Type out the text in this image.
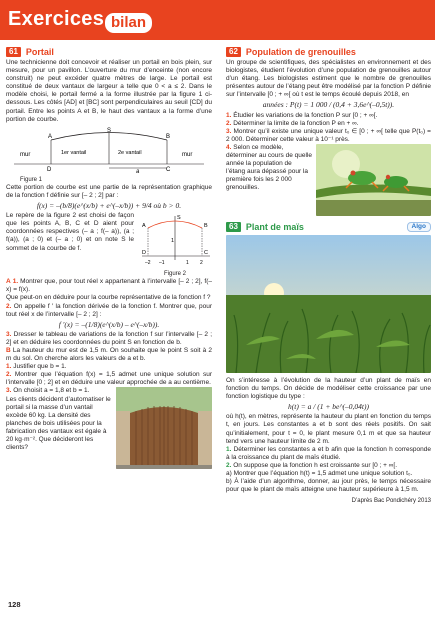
Exercices bilan
61 Portail

Une technicienne doit concevoir et réaliser un portail en bois plein, sur mesure, pour un pavillon. L’ouverture du mur d’enceinte (non encore construit) ne peut excéder quatre mètres de large. Le portail est constitué de deux vantaux de largeur a telle que 0 < a ≤ 2. Dans le modèle choisi, le portail fermé a la forme illustrée par la figure 1 ci-dessous. Les côtés [AD] et [BC] sont perpendiculaires au seuil [CD] du portail. Entre les points A et B, le haut des vantaux a la forme d’une portion de courbe.

S
A	B
D	C
a
mur	mur
1er vantail	2e vantail

Figure 1

Cette portion de courbe est une partie de la représentation graphique de la fonction f définie sur [– 2 ; 2] par :

f(x) = –(b/8)(e^(x/b) + e^(–x/b)) + 9/4 où b > 0.

Le repère de la figure 2 est choisi de façon que les points A, B, C et D aient pour coordonnées respectives (– a ; f(– a)), (a ; f(a)), (a ; 0) et (– a ; 0) et on note S le sommet de la courbe de f.

A	B
S
D	C
1
–2 –1	1 2

Figure 2

A 1. Montrer que, pour tout réel x appartenant à l’intervalle [– 2 ; 2], f(– x) = f(x).

Que peut-on en déduire pour la courbe représentative de la fonction f ?

2. On appelle f ′ la fonction dérivée de la fonction f. Montrer que, pour tout réel x de l’intervalle [– 2 ; 2] :

f ′(x) = –(1/8)(e^(x/b) – e^(–x/b)).

3. Dresser le tableau de variations de la fonction f sur l’intervalle [– 2 ; 2] et en déduire les coordonnées du point S en fonction de b.

B La hauteur du mur est de 1,5 m. On souhaite que le point S soit à 2 m du sol. On cherche alors les valeurs de a et b.

1. Justifier que b = 1.

2. Montrer que l’équation f(x) = 1,5 admet une unique solution sur l’intervalle [0 ; 2] et en déduire une valeur approchée de a au centième.

3. On choisit a = 1,8 et b = 1.

Les clients décident d’automatiser le portail si la masse d’un vantail excède 60 kg. La densité des planches de bois utilisées pour la fabrication des vantaux est égale à 20 kg·m⁻². Que décideront les clients?

62 Population de grenouilles

Un groupe de scientifiques, des spécialistes en environnement et des biologistes, étudient l’évolution d’une population de grenouilles autour d’un étang. Les biologistes estiment que le nombre de grenouilles présentes autour de l’étang peut être modélisé par la fonction P définie sur l’intervalle [0 ; + ∞[ où t est le temps écoulé depuis 2018, en

années : P(t) = 1 000 / (0,4 + 3,6e^(–0,5t)).

1. Étudier les variations de la fonction P sur [0 ; + ∞[.

2. Déterminer la limite de la fonction P en + ∞.

3. Montrer qu’il existe une unique valeur t₀ ∈ [0 ; + ∞[ telle que P(t₀) = 2 000. Déterminer cette valeur à 10⁻¹ près.

4. Selon ce modèle, déterminer au cours de quelle année la population de l’étang aura dépassé pour la première fois les 2 000 grenouilles.

63 Plant de maïs	Algo

On s’intéresse à l’évolution de la hauteur d’un plant de maïs en fonction du temps. On décide de modéliser cette croissance par une fonction logistique du type :

h(t) = a / (1 + be^(–0,04t))

où h(t), en mètres, représente la hauteur du plant en fonction du temps t, en jours. Les constantes a et b sont des réels positifs. On sait qu’initialement, pour t = 0, le plant mesure 0,1 m et que sa hauteur tend vers une hauteur limite de 2 m.

1. Déterminer les constantes a et b afin que la fonction h corresponde à la croissance du plant de maïs étudié.

2. On suppose que la fonction h est croissante sur [0 ; + ∞[.

a) Montrer que l’équation h(t) = 1,5 admet une unique solution t₀.

b) À l’aide d’un algorithme, donner, au jour près, le temps nécessaire pour que le plant de maïs atteigne une hauteur supérieure à 1,5 m.

D’après Bac Pondichéry 2013

128
